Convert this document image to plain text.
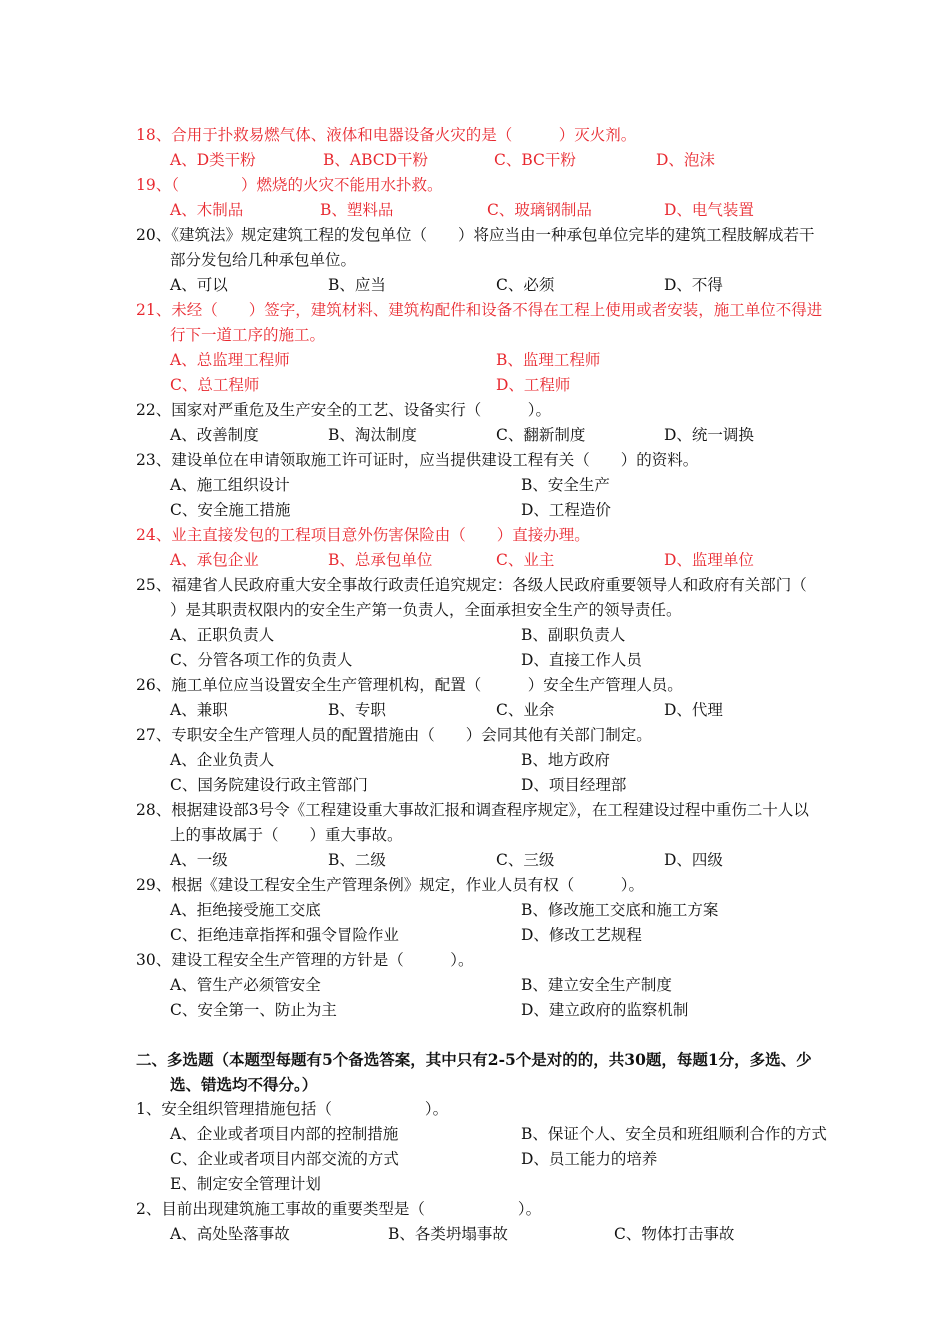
18、合用于扑救易燃气体、液体和电器设备火灾的是（　　　）灭火剂。
A、D类干粉	B、ABCD干粉	C、BC干粉	D、泡沫
19、（　　　　）燃烧的火灾不能用水扑救。
A、木制品	B、塑料品	C、玻璃钢制品	D、电气装置
20、《建筑法》规定建筑工程的发包单位（　　）将应当由一种承包单位完毕的建筑工程肢解成若干
部分发包给几种承包单位。
A、可以	B、应当	C、必须	D、不得
21、未经（　　）签字，建筑材料、建筑构配件和设备不得在工程上使用或者安装，施工单位不得进
行下一道工序的施工。
A、总监理工程师	B、监理工程师
C、总工程师	D、工程师
22、国家对严重危及生产安全的工艺、设备实行（　　　）。
A、改善制度	B、淘汰制度	C、翻新制度	D、统一调换
23、建设单位在申请领取施工许可证时，应当提供建设工程有关（　　）的资料。
A、施工组织设计	B、安全生产
C、安全施工措施	D、工程造价
24、业主直接发包的工程项目意外伤害保险由（　　）直接办理。
A、承包企业	B、总承包单位	C、业主	D、监理单位
25、福建省人民政府重大安全事故行政责任追究规定：各级人民政府重要领导人和政府有关部门（
）是其职责权限内的安全生产第一负责人，全面承担安全生产的领导责任。
A、正职负责人	B、副职负责人
C、分管各项工作的负责人	D、直接工作人员
26、施工单位应当设置安全生产管理机构，配置（　　　）安全生产管理人员。
A、兼职	B、专职	C、业余	D、代理
27、专职安全生产管理人员的配置措施由（　　）会同其他有关部门制定。
A、企业负责人	B、地方政府
C、国务院建设行政主管部门	D、项目经理部
28、根据建设部3号令《工程建设重大事故汇报和调查程序规定》，在工程建设过程中重伤二十人以
上的事故属于（　　）重大事故。
A、一级	B、二级	C、三级	D、四级
29、根据《建设工程安全生产管理条例》规定，作业人员有权（　　　）。
A、拒绝接受施工交底	B、修改施工交底和施工方案
C、拒绝违章指挥和强令冒险作业	D、修改工艺规程
30、建设工程安全生产管理的方针是（　　　）。
A、管生产必须管安全	B、建立安全生产制度
C、安全第一、防止为主	D、建立政府的监察机制
二、多选题（本题型每题有5个备选答案，其中只有2-5个是对的的，共30题，每题1分，多选、少
选、错选均不得分。）
1、安全组织管理措施包括（　　　　　　）。
A、企业或者项目内部的控制措施	B、保证个人、安全员和班组顺利合作的方式
C、企业或者项目内部交流的方式	D、员工能力的培养
E、制定安全管理计划
2、目前出现建筑施工事故的重要类型是（　　　　　　）。
A、高处坠落事故	B、各类坍塌事故	C、物体打击事故
